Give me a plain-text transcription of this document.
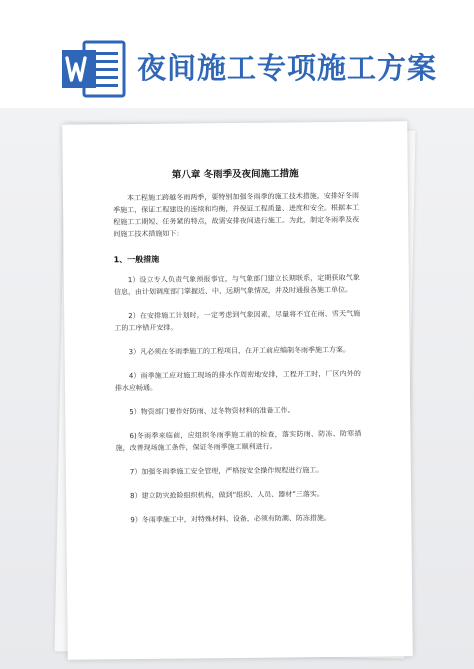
夜间施工专项施工方案
第八章 冬雨季及夜间施工措施
本工程施工跨越冬雨两季，要特别加强冬雨季的施工技术措施，安排好冬雨季施工，保证工程建设的连续和均衡，并保证工程质量、进度和安全。根据本工程施工工期短、任务紧的特点，故需安排夜间进行施工。为此，制定冬雨季及夜间施工技术措施如下：
1、一般措施
1）设立专人负责气象预报事宜，与气象部门建立长期联系，定期获取气象信息，由计划调度部门掌握近、中、远期气象情况，并及时通报各施工单位。
2）在安排施工计划时，一定考虑到气象因素，尽量将不宜在雨、雪天气施工的工序错开安排。
3）凡必须在冬雨季施工的工程项目，在开工前应编制冬雨季施工方案。
4）雨季施工应对施工现场的排水作周密地安排，工程开工时，厂区内外的排水应畅通。
5）物资部门要作好防雨、过冬物资材料的准备工作。
6)冬雨季来临前，应组织冬雨季施工前的检查，落实防雨、防冻、防寒措施，改善现场施工条件，保证冬雨季施工顺利进行。
7）加强冬雨季施工安全管理，严格按安全操作规程进行施工。
8）建立防灾抢险组织机构，做到“组织、人员、器材”三落实。
9）冬雨季施工中，对特殊材料、设备，必须有防潮、防冻措施。
